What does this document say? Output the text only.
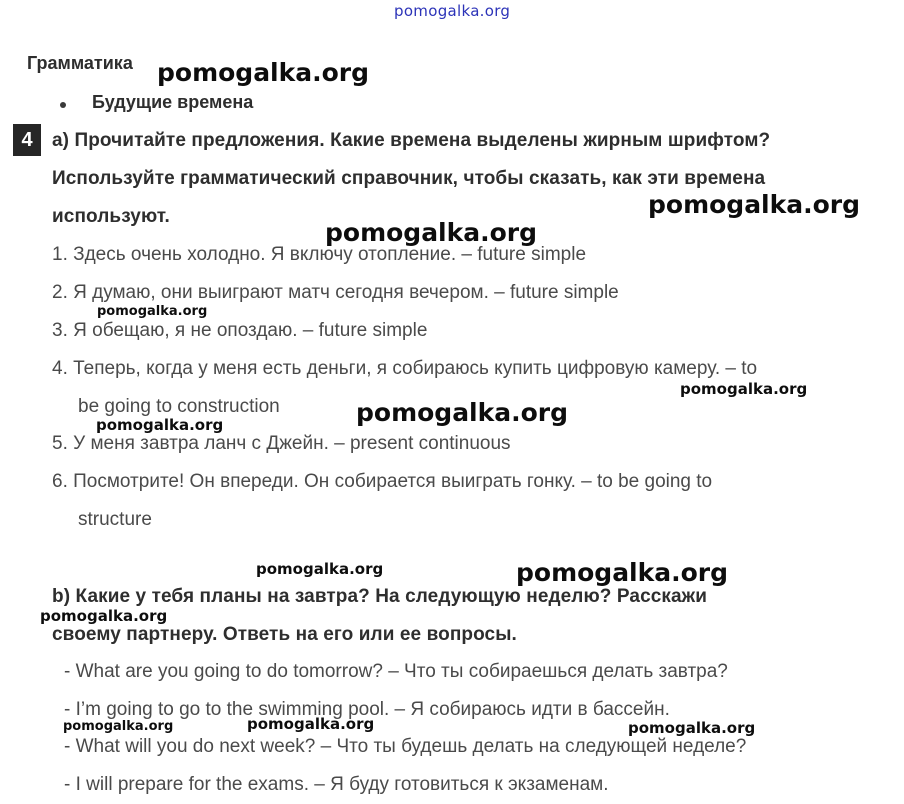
pomogalka.org
Грамматика
Будущие времена
4	a) Прочитайте предложения. Какие времена выделены жирным шрифтом?
Используйте грамматический справочник, чтобы сказать, как эти времена
используют.
1. Здесь очень холодно. Я включу отопление. – future simple
2. Я думаю, они выиграют матч сегодня вечером. – future simple
3. Я обещаю, я не опоздаю. – future simple
4. Теперь, когда у меня есть деньги, я собираюсь купить цифровую камеру. – to
be going to construction
5. У меня завтра ланч с Джейн. – present continuous
6. Посмотрите! Он впереди. Он собирается выиграть гонку. – to be going to
structure
b) Какие у тебя планы на завтра? На следующую неделю? Расскажи
своему партнеру. Ответь на его или ее вопросы.
- What are you going to do tomorrow? – Что ты собираешься делать завтра?
- I’m going to go to the swimming pool. – Я собираюсь идти в бассейн.
- What will you do next week? – Что ты будешь делать на следующей неделе?
- I will prepare for the exams. – Я буду готовиться к экзаменам.
pomogalka.org
pomogalka.org
pomogalka.org
pomogalka.org
pomogalka.org
pomogalka.org
pomogalka.org
pomogalka.org	pomogalka.org
pomogalka.org
pomogalka.org	pomogalka.org	pomogalka.org
